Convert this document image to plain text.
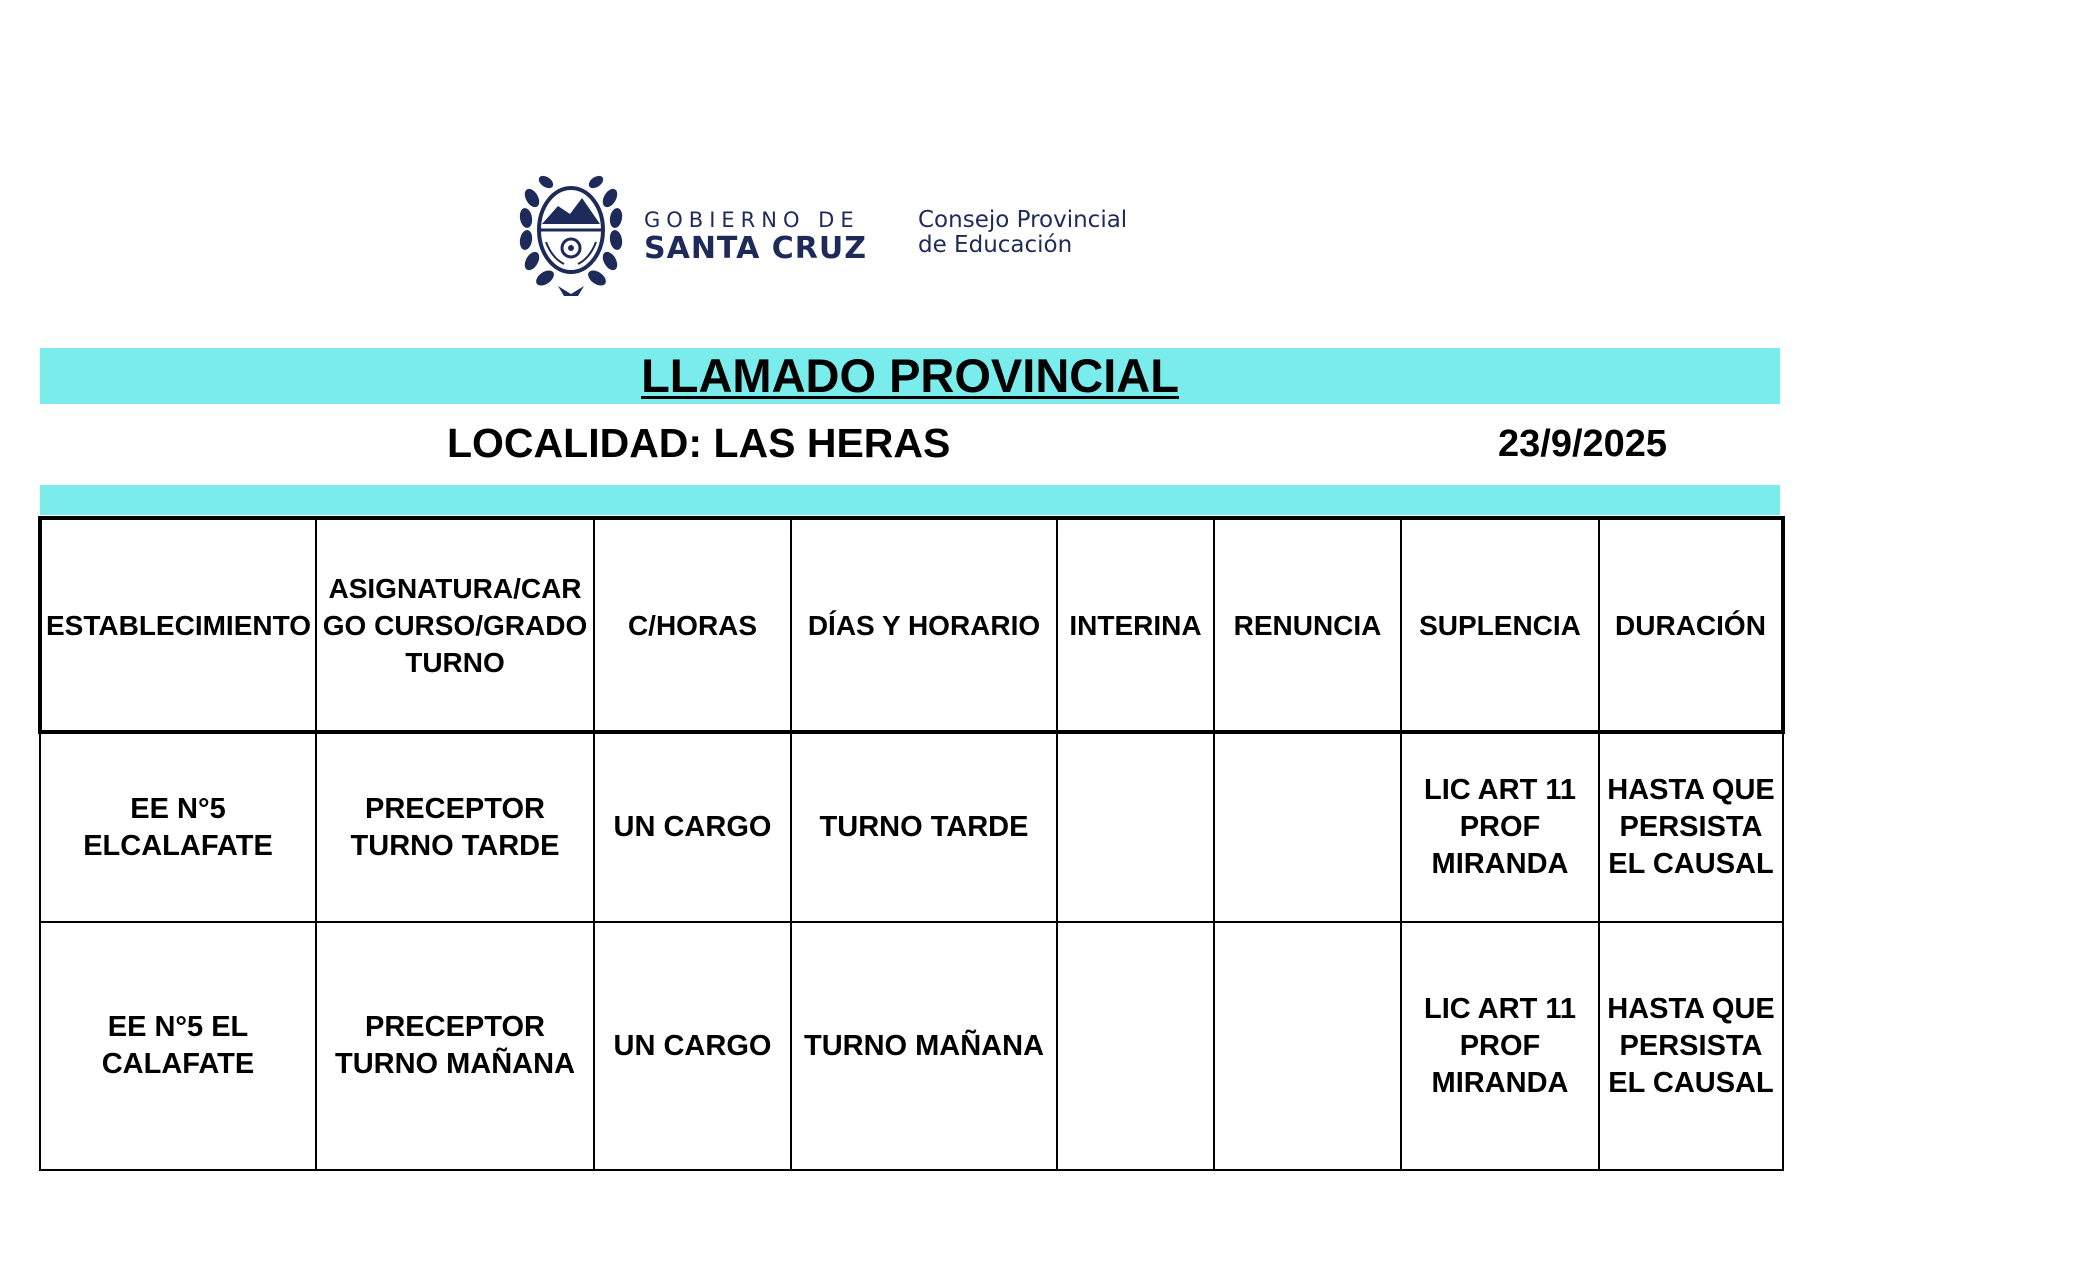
GOBIERNO DE
SANTA CRUZ
Consejo Provincial
de Educación
LLAMADO PROVINCIAL
LOCALIDAD: LAS HERAS	23/9/2025
ESTABLECIMIENTO	ASIGNATURA/CARGO CURSO/GRADO TURNO	C/HORAS	DÍAS Y HORARIO	INTERINA	RENUNCIA	SUPLENCIA	DURACIÓN
EE N°5 ELCALAFATE	PRECEPTOR TURNO TARDE	UN CARGO	TURNO TARDE			LIC ART 11 PROF MIRANDA	HASTA QUE PERSISTA EL CAUSAL
EE N°5 EL CALAFATE	PRECEPTOR TURNO MAÑANA	UN CARGO	TURNO MAÑANA			LIC ART 11 PROF MIRANDA	HASTA QUE PERSISTA EL CAUSAL
